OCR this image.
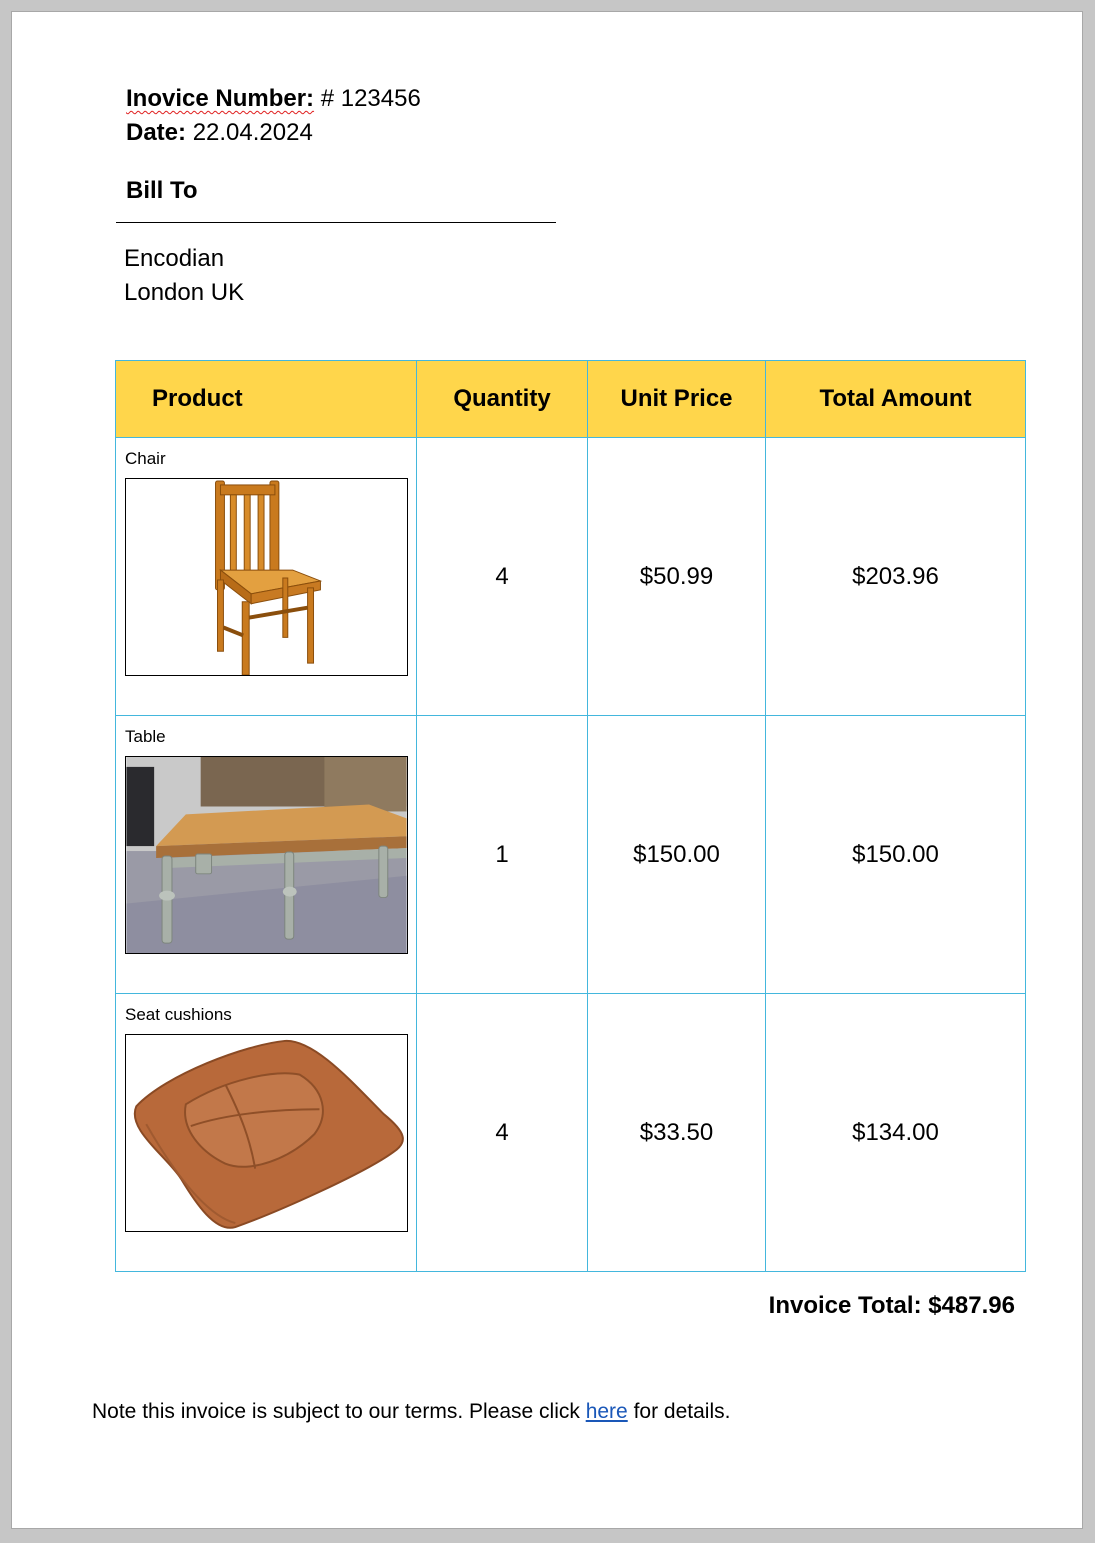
Inovice Number: # 123456
Date: 22.04.2024
Bill To
Encodian
London UK
Product	Quantity	Unit Price	Total Amount

Chair	4	$50.99	$203.96

Table	1	$150.00	$150.00

Seat cushions	4	$33.50	$134.00
Invoice Total: $487.96
Note this invoice is subject to our terms. Please click here for details.
